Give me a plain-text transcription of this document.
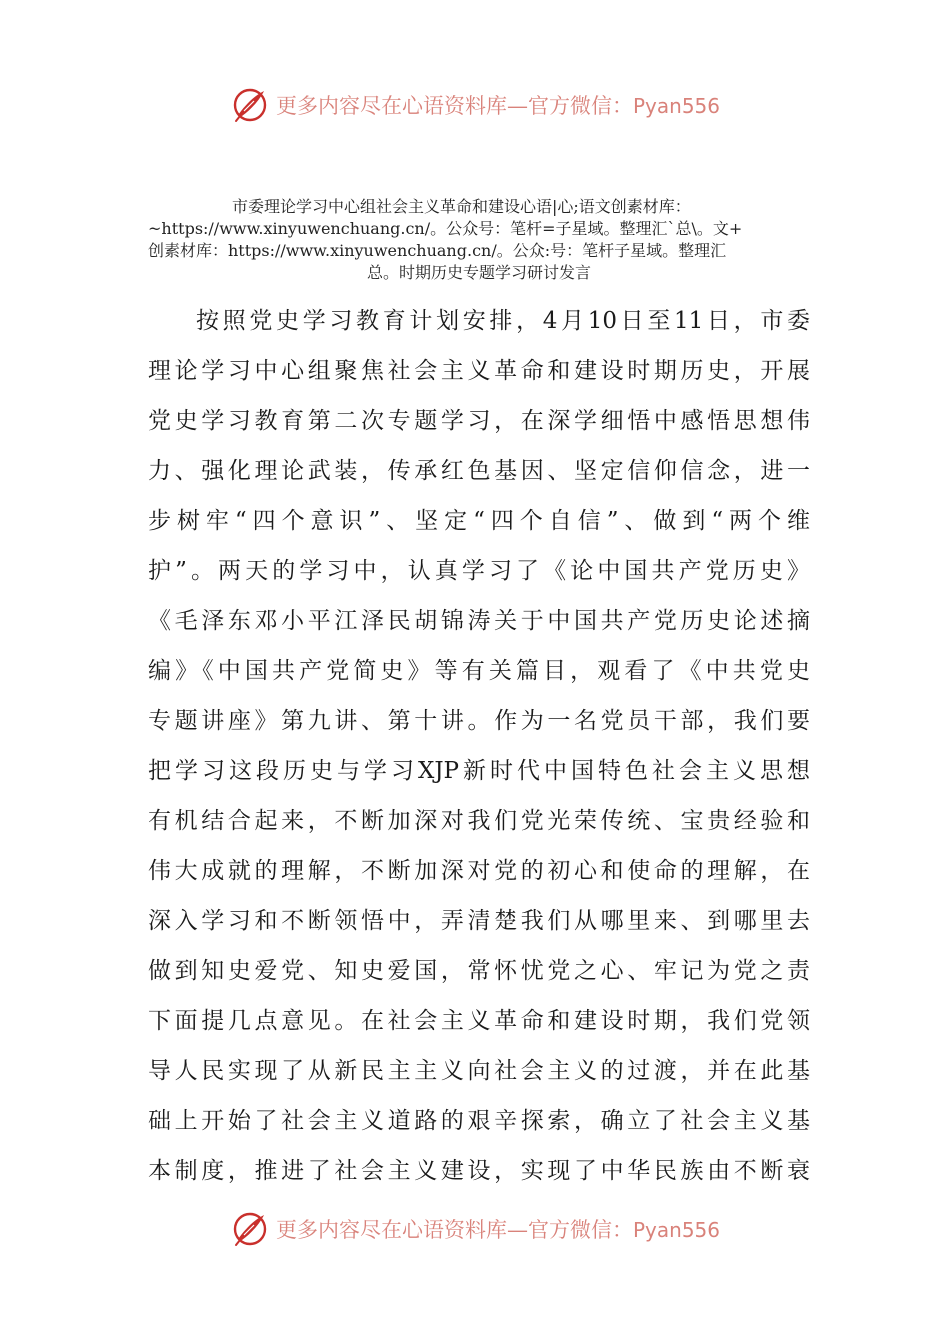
更多内容尽在心语资料库—官方微信：Pyan556
市委理论学习中心组社会主义革命和建设心语|心;语文创素材库：
~https://www.xinyuwenchuang.cn/。公众号：笔杆=子星域。整理汇`总\。文+
创素材库：https://www.xinyuwenchuang.cn/。公众:号：笔杆子星域。整理汇
总。时期历史专题学习研讨发言
按照党史学习教育计划安排，4月10日至11日，市委
理论学习中心组聚焦社会主义革命和建设时期历史，开展
党史学习教育第二次专题学习，在深学细悟中感悟思想伟
力、强化理论武装，传承红色基因、坚定信仰信念，进一
步树牢“四个意识”、坚定“四个自信”、做到“两个维
护”。两天的学习中，认真学习了《论中国共产党历史》
《毛泽东邓小平江泽民胡锦涛关于中国共产党历史论述摘
编》《中国共产党简史》等有关篇目，观看了《中共党史
专题讲座》第九讲、第十讲。作为一名党员干部，我们要
把学习这段历史与学习XJP新时代中国特色社会主义思想
有机结合起来，不断加深对我们党光荣传统、宝贵经验和
伟大成就的理解，不断加深对党的初心和使命的理解，在
深入学习和不断领悟中，弄清楚我们从哪里来、到哪里去
做到知史爱党、知史爱国，常怀忧党之心、牢记为党之责
下面提几点意见。在社会主义革命和建设时期，我们党领
导人民实现了从新民主主义向社会主义的过渡，并在此基
础上开始了社会主义道路的艰辛探索，确立了社会主义基
本制度，推进了社会主义建设，实现了中华民族由不断衰
更多内容尽在心语资料库—官方微信：Pyan556
